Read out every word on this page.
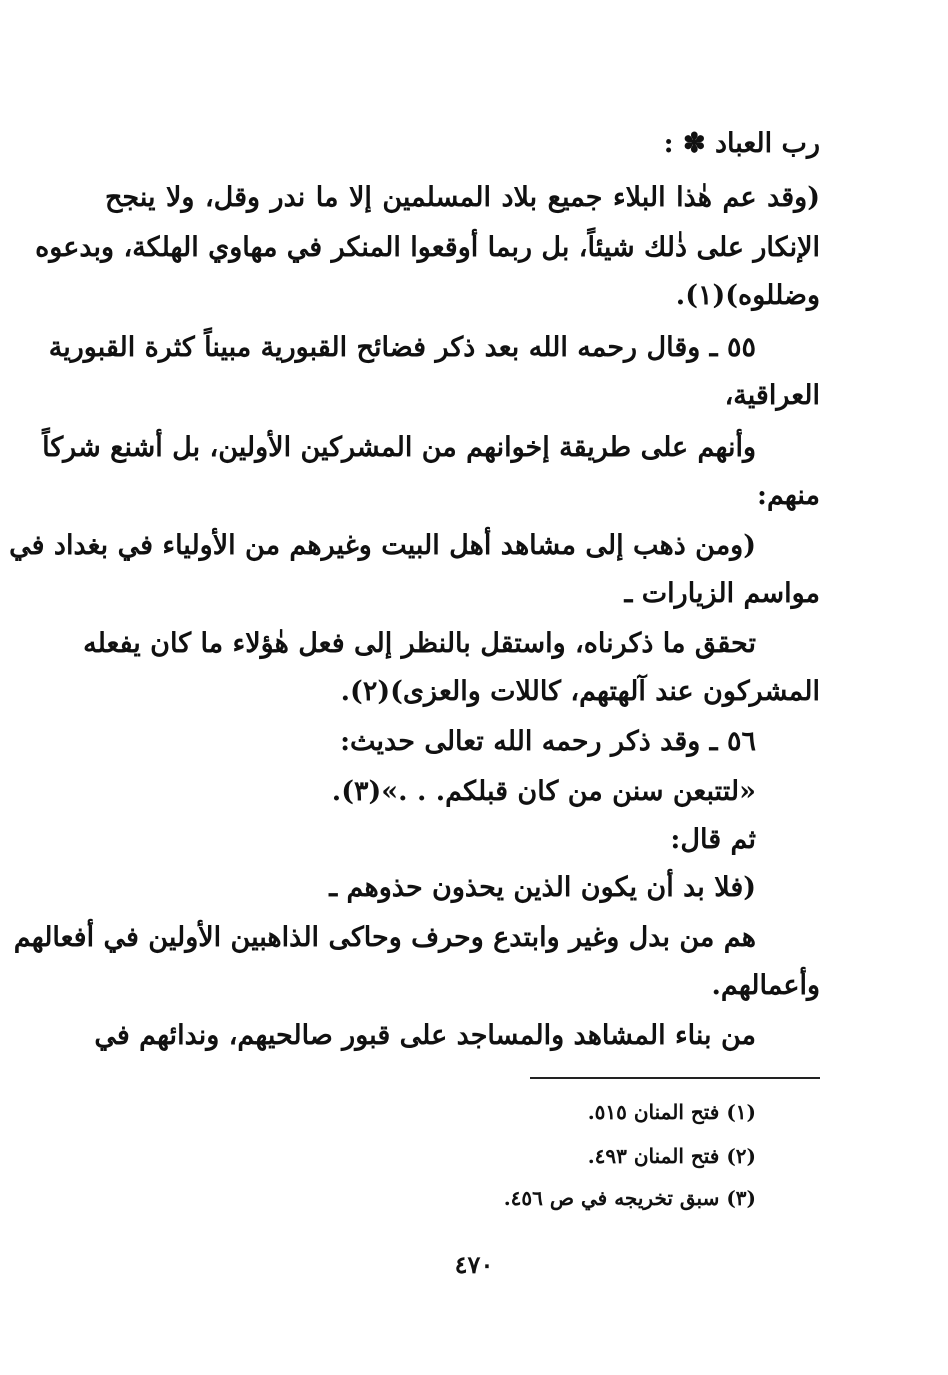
رب العباد ✽ :
(وقد عم هٰذا البلاء جميع بلاد المسلمين إلا ما ندر وقل، ولا ينجح
الإنكار على ذٰلك شيئاً، بل ربما أوقعوا المنكر في مهاوي الهلكة، وبدعوه
وضللوه)(١).
٥٥ ـ وقال رحمه الله بعد ذكر فضائح القبورية مبيناً كثرة القبورية
العراقية،
وأنهم على طريقة إخوانهم من المشركين الأولين، بل أشنع شركاً
منهم:
(ومن ذهب إلى مشاهد أهل البيت وغيرهم من الأولياء في بغداد في
مواسم الزيارات ـ
تحقق ما ذكرناه، واستقل بالنظر إلى فعل هٰؤلاء ما كان يفعله
المشركون عند آلهتهم، كاللات والعزى)(٢).
٥٦ ـ وقد ذكر رحمه الله تعالى حديث:
«لتتبعن سنن من كان قبلكم. . .»(٣).
ثم قال:
(فلا بد أن يكون الذين يحذون حذوهم ـ
هم من بدل وغير وابتدع وحرف وحاكى الذاهبين الأولين في أفعالهم
وأعمالهم.
من بناء المشاهد والمساجد على قبور صالحيهم، وندائهم في
(١) فتح المنان ٥١٥.
(٢) فتح المنان ٤٩٣.
(٣) سبق تخريجه في ص ٤٥٦.
٤٧٠
